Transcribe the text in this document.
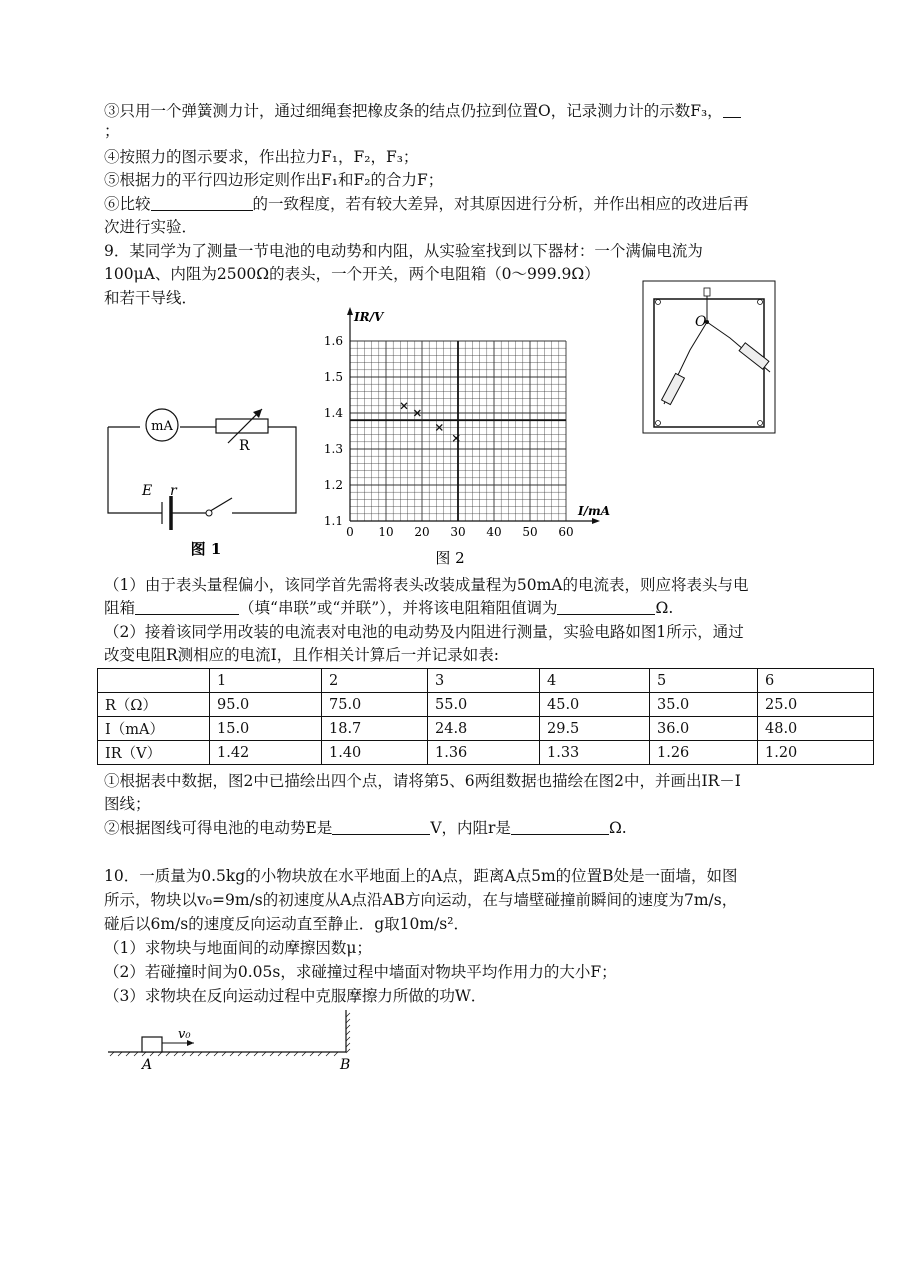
③只用一个弹簧测力计，通过细绳套把橡皮条的结点仍拉到位置O，记录测力计的示数F₃，
；
④按照力的图示要求，作出拉力F₁，F₂，F₃；
⑤根据力的平行四边形定则作出F₁和F₂的合力F；
⑥比较	的一致程度，若有较大差异，对其原因进行分析，并作出相应的改进后再
次进行实验．
9．某同学为了测量一节电池的电动势和内阻，从实验室找到以下器材：一个满偏电流为
100μA、内阻为2500Ω的表头，一个开关，两个电阻箱（0～999.9Ω）
和若干导线．
mA
R
E r
图 1
0 10 20 30 40 50 60
1.1
1.2
1.3
1.4
1.5
1.6
IR/V
I/mA
图 2
O
（1）由于表头量程偏小，该同学首先需将表头改装成量程为50mA的电流表，则应将表头与电
阻箱	（填“串联”或“并联”），并将该电阻箱阻值调为	Ω.
（2）接着该同学用改装的电流表对电池的电动势及内阻进行测量，实验电路如图1所示，通过
改变电阻R测相应的电流I，且作相关计算后一并记录如表:
	1	2	3	4	5	6
R（Ω）	95.0	75.0	55.0	45.0	35.0	25.0
I（mA）	15.0	18.7	24.8	29.5	36.0	48.0
IR（V）	1.42	1.40	1.36	1.33	1.26	1.20
①根据表中数据，图2中已描绘出四个点，请将第5、6两组数据也描绘在图2中，并画出IR－I
图线；
②根据图线可得电池的电动势E是	V，内阻r是	Ω.
10．一质量为0.5kg的小物块放在水平地面上的A点，距离A点5m的位置B处是一面墙，如图
所示，物块以v₀=9m/s的初速度从A点沿AB方向运动，在与墙壁碰撞前瞬间的速度为7m/s，
碰后以6m/s的速度反向运动直至静止．g取10m/s²．
（1）求物块与地面间的动摩擦因数μ；
（2）若碰撞时间为0.05s，求碰撞过程中墙面对物块平均作用力的大小F；
（3）求物块在反向运动过程中克服摩擦力所做的功W．
v₀
A	B
